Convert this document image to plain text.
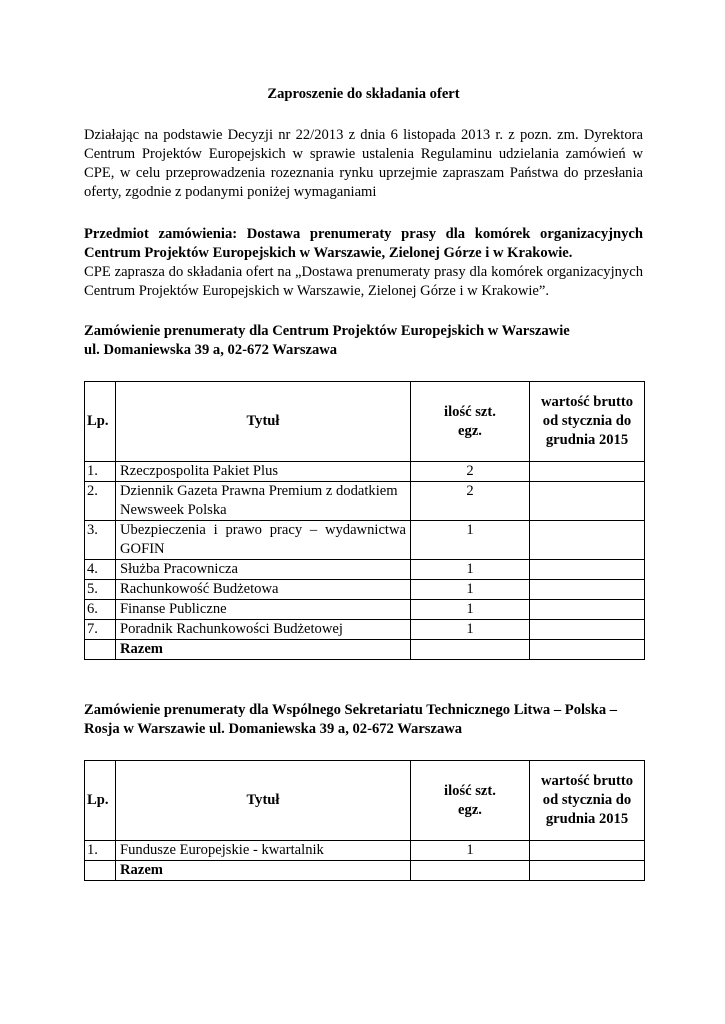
Zaproszenie do składania ofert

Działając na podstawie Decyzji nr 22/2013 z dnia 6 listopada 2013 r. z pozn. zm. Dyrektora Centrum Projektów Europejskich w sprawie ustalenia Regulaminu udzielania zamówień w CPE, w celu przeprowadzenia rozeznania rynku uprzejmie zapraszam Państwa do przesłania oferty, zgodnie z podanymi poniżej wymaganiami

Przedmiot zamówienia: Dostawa prenumeraty prasy dla komórek organizacyjnych Centrum Projektów Europejskich w Warszawie, Zielonej Górze i w Krakowie.
CPE zaprasza do składania ofert na „Dostawa prenumeraty prasy dla komórek organizacyjnych Centrum Projektów Europejskich w Warszawie, Zielonej Górze i w Krakowie”.

Zamówienie prenumeraty dla Centrum Projektów Europejskich w Warszawie
ul. Domaniewska 39 a, 02-672 Warszawa

Lp.	Tytuł	ilość szt. egz.	wartość brutto od stycznia do grudnia 2015
1.	Rzeczpospolita Pakiet Plus	2	
2.	Dziennik Gazeta Prawna Premium z dodatkiem Newsweek Polska	2	
3.	Ubezpieczenia i prawo pracy – wydawnictwa GOFIN	1	
4.	Służba Pracownicza	1	
5.	Rachunkowość Budżetowa	1	
6.	Finanse Publiczne	1	
7.	Poradnik Rachunkowości Budżetowej	1	
	Razem		

Zamówienie prenumeraty dla Wspólnego Sekretariatu Technicznego Litwa – Polska –
Rosja w Warszawie ul. Domaniewska 39 a, 02-672 Warszawa

Lp.	Tytuł	ilość szt. egz.	wartość brutto od stycznia do grudnia 2015
1.	Fundusze Europejskie - kwartalnik	1	
	Razem		
